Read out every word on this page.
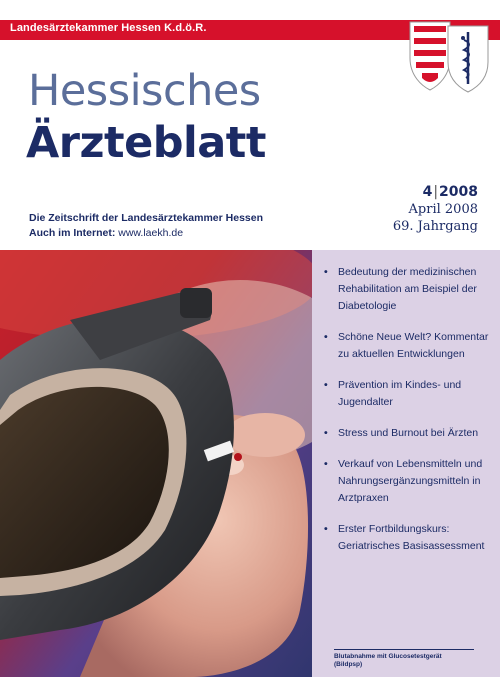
Landesärztekammer Hessen K.d.ö.R.
Hessisches
Ärzteblatt
Die Zeitschrift der Landesärztekammer Hessen
Auch im Internet: www.laekh.de
4|2008
April 2008
69. Jahrgang
• Bedeutung der medizinischen Rehabilitation am Beispiel der Diabetologie
• Schöne Neue Welt? Kommentar zu aktuellen Entwicklungen
• Prävention im Kindes- und Jugendalter
• Stress und Burnout bei Ärzten
• Verkauf von Lebensmitteln und Nahrungsergänzungsmitteln in Arztpraxen
• Erster Fortbildungskurs: Geriatrisches Basisassessment
Blutabnahme mit Glucosetestgerät
(Bildpsp)
